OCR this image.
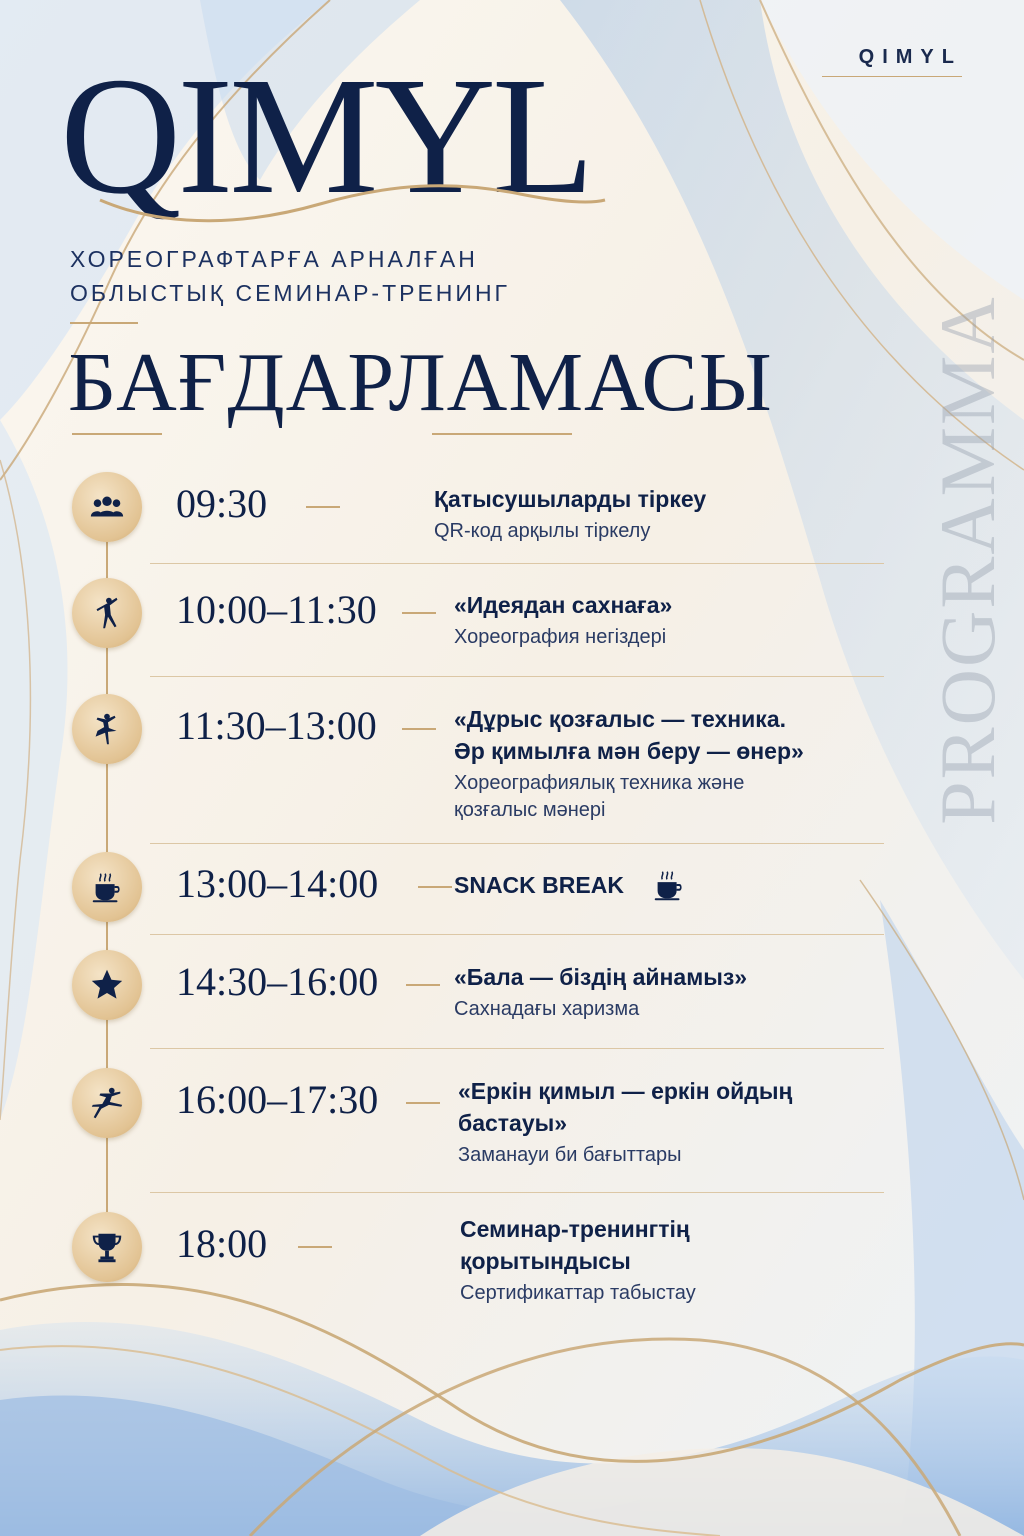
QIMYL
QIMYL
ХОРЕОГРАФТАРҒА АРНАЛҒАН
ОБЛЫСТЫҚ СЕМИНАР-ТРЕНИНГ
БАҒДАРЛАМАСЫ PROGRAMMA
09:30	Қатысушыларды тіркеу
QR-код арқылы тіркелу
10:00–11:30	«Идеядан сахнаға»
Хореография негіздері
11:30–13:00	«Дұрыс қозғалыс — техника.
Әр қимылға мән беру — өнер»
Хореографиялық техника және
қозғалыс мәнері
13:00–14:00	SNACK BREAK
14:30–16:00	«Бала — біздің айнамыз»
Сахнадағы харизма
16:00–17:30	«Еркін қимыл — еркін ойдың
бастауы»
Заманауи би бағыттары
18:00	Семинар-тренингтің
қорытындысы
Сертификаттар табыстау
